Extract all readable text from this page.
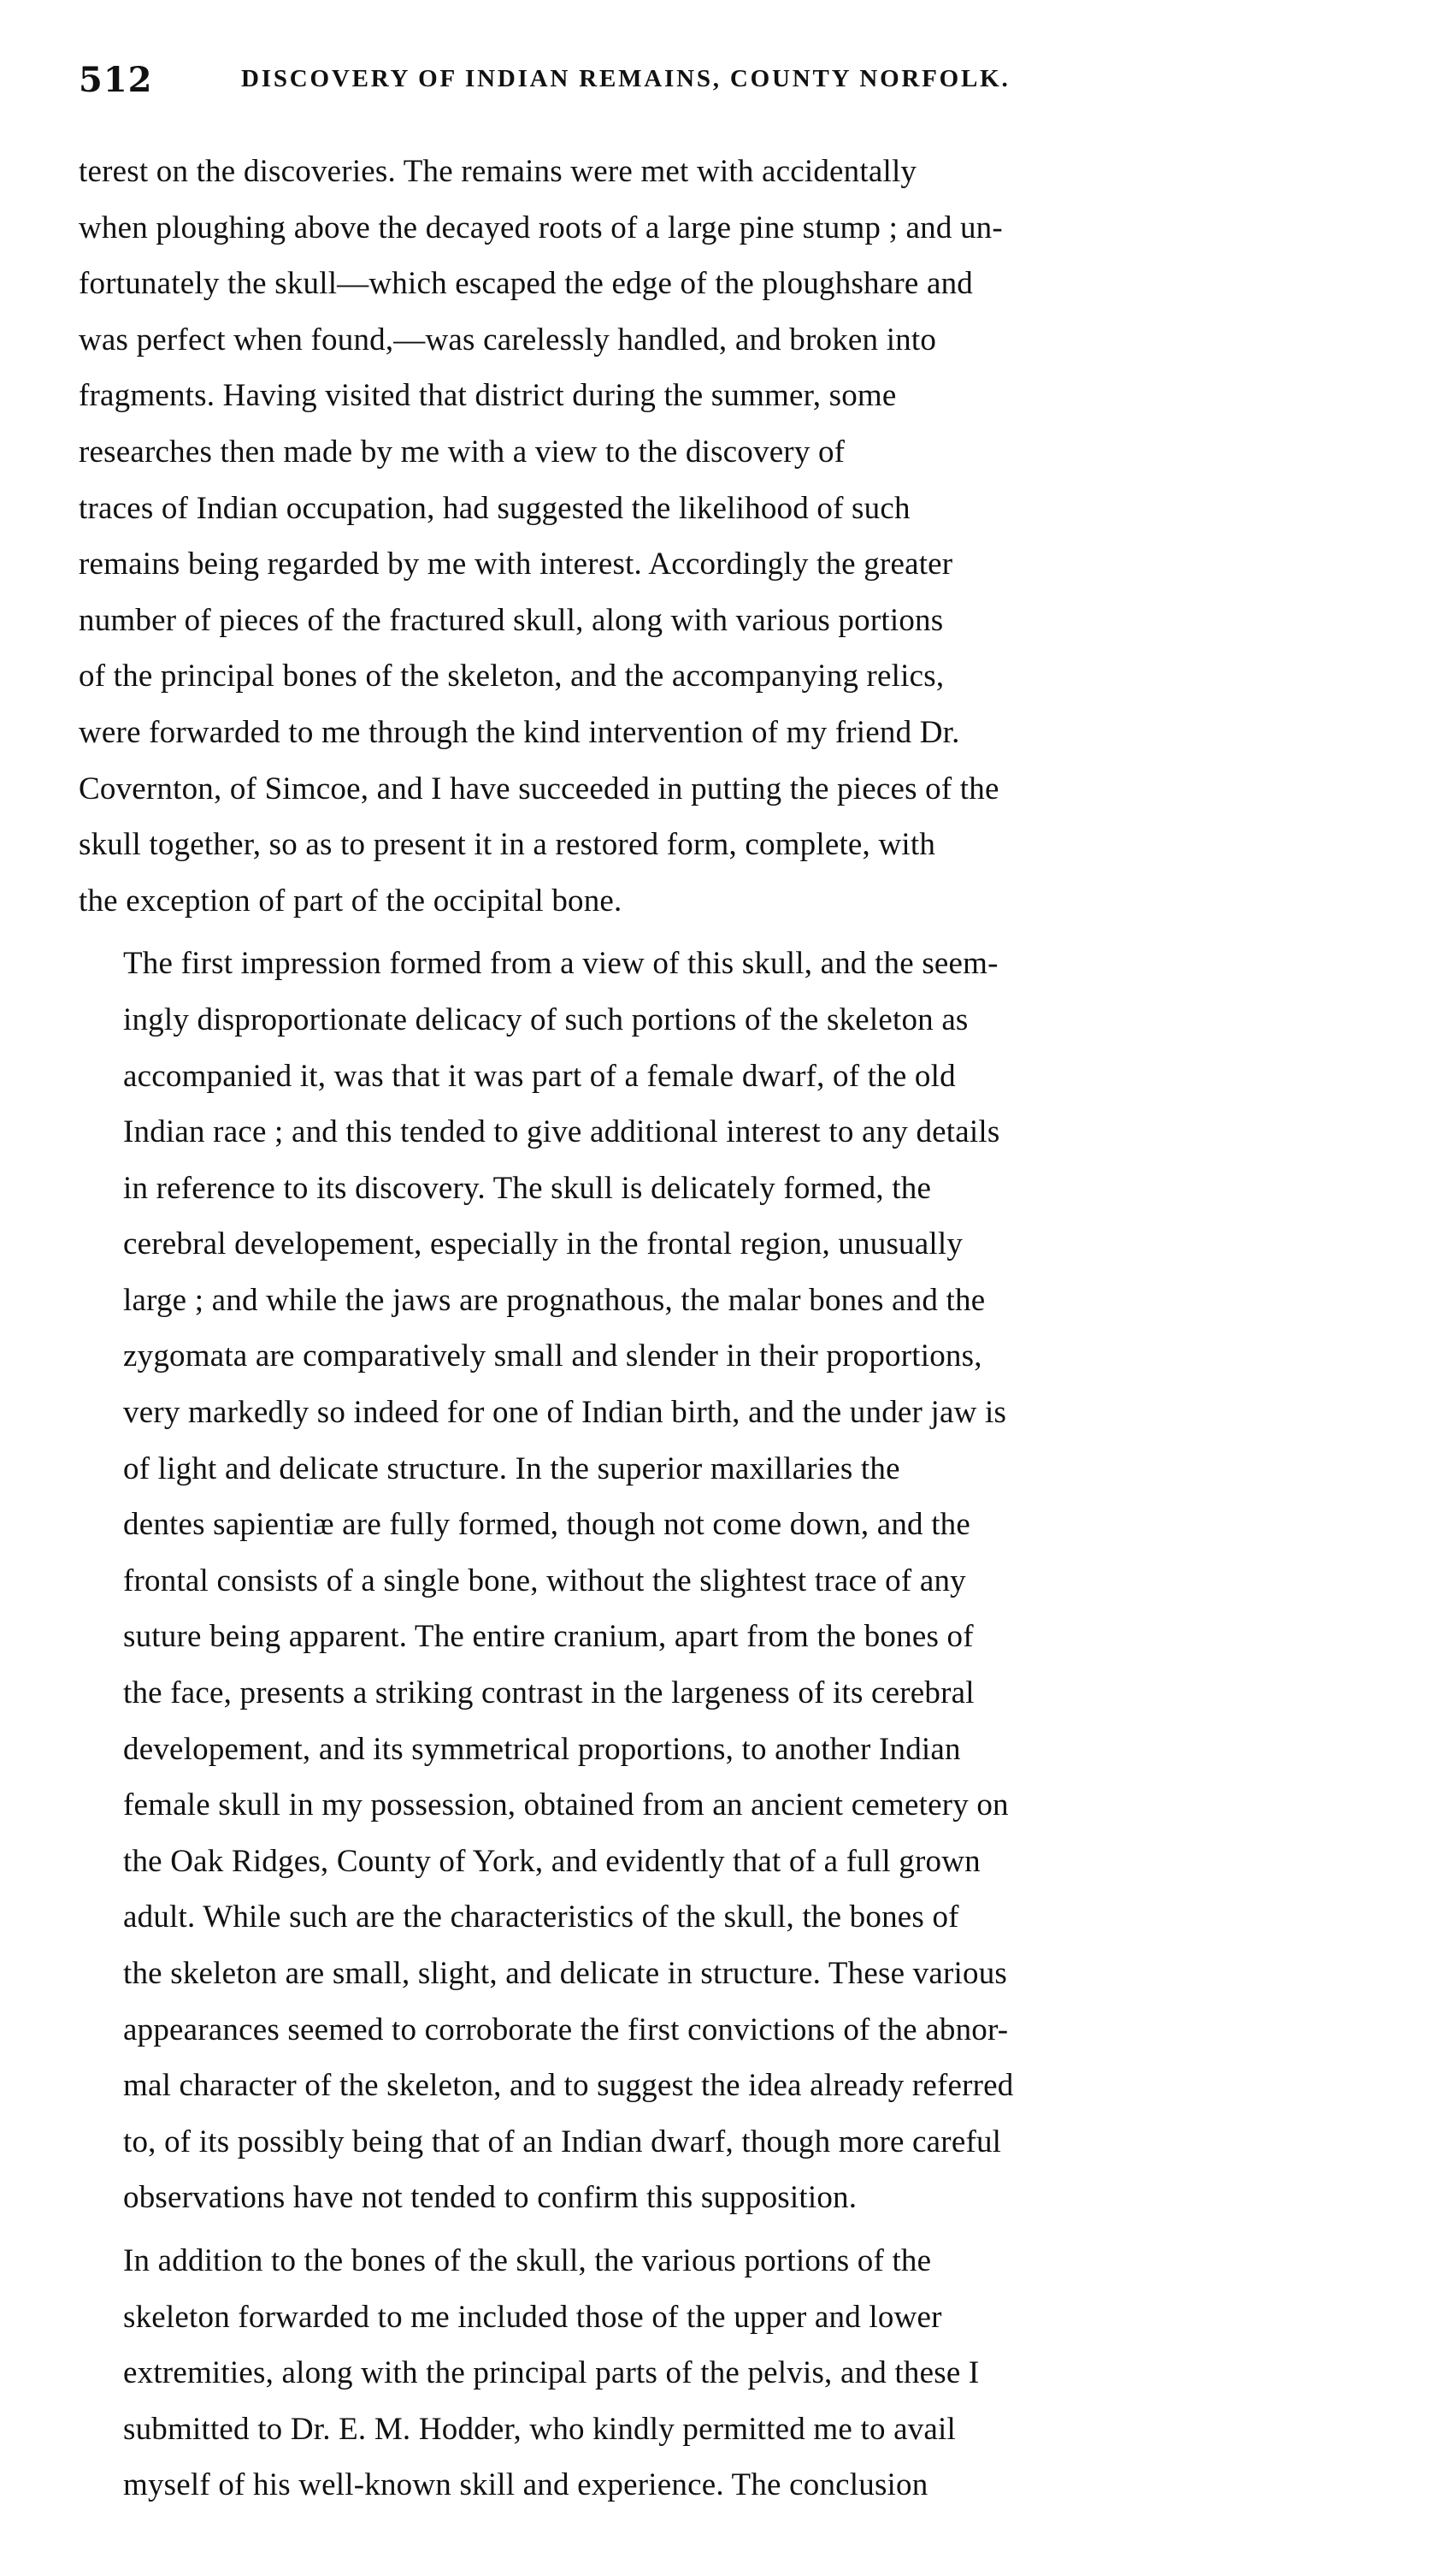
512	DISCOVERY OF INDIAN REMAINS, COUNTY NORFOLK.

terest on the discoveries. The remains were met with accidentally
when ploughing above the decayed roots of a large pine stump ; and un-
fortunately the skull—which escaped the edge of the ploughshare and
was perfect when found,—was carelessly handled, and broken into
fragments. Having visited that district during the summer, some
researches then made by me with a view to the discovery of
traces of Indian occupation, had suggested the likelihood of such
remains being regarded by me with interest. Accordingly the greater
number of pieces of the fractured skull, along with various portions
of the principal bones of the skeleton, and the accompanying relics,
were forwarded to me through the kind intervention of my friend Dr.
Covernton, of Simcoe, and I have succeeded in putting the pieces of the
skull together, so as to present it in a restored form, complete, with
the exception of part of the occipital bone.

The first impression formed from a view of this skull, and the seem-
ingly disproportionate delicacy of such portions of the skeleton as
accompanied it, was that it was part of a female dwarf, of the old
Indian race ; and this tended to give additional interest to any details
in reference to its discovery. The skull is delicately formed, the
cerebral developement, especially in the frontal region, unusually
large ; and while the jaws are prognathous, the malar bones and the
zygomata are comparatively small and slender in their proportions,
very markedly so indeed for one of Indian birth, and the under jaw is
of light and delicate structure. In the superior maxillaries the
dentes sapientiæ are fully formed, though not come down, and the
frontal consists of a single bone, without the slightest trace of any
suture being apparent. The entire cranium, apart from the bones of
the face, presents a striking contrast in the largeness of its cerebral
developement, and its symmetrical proportions, to another Indian
female skull in my possession, obtained from an ancient cemetery on
the Oak Ridges, County of York, and evidently that of a full grown
adult. While such are the characteristics of the skull, the bones of
the skeleton are small, slight, and delicate in structure. These various
appearances seemed to corroborate the first convictions of the abnor-
mal character of the skeleton, and to suggest the idea already referred
to, of its possibly being that of an Indian dwarf, though more careful
observations have not tended to confirm this supposition.

In addition to the bones of the skull, the various portions of the
skeleton forwarded to me included those of the upper and lower
extremities, along with the principal parts of the pelvis, and these I
submitted to Dr. E. M. Hodder, who kindly permitted me to avail
myself of his well-known skill and experience. The conclusion
